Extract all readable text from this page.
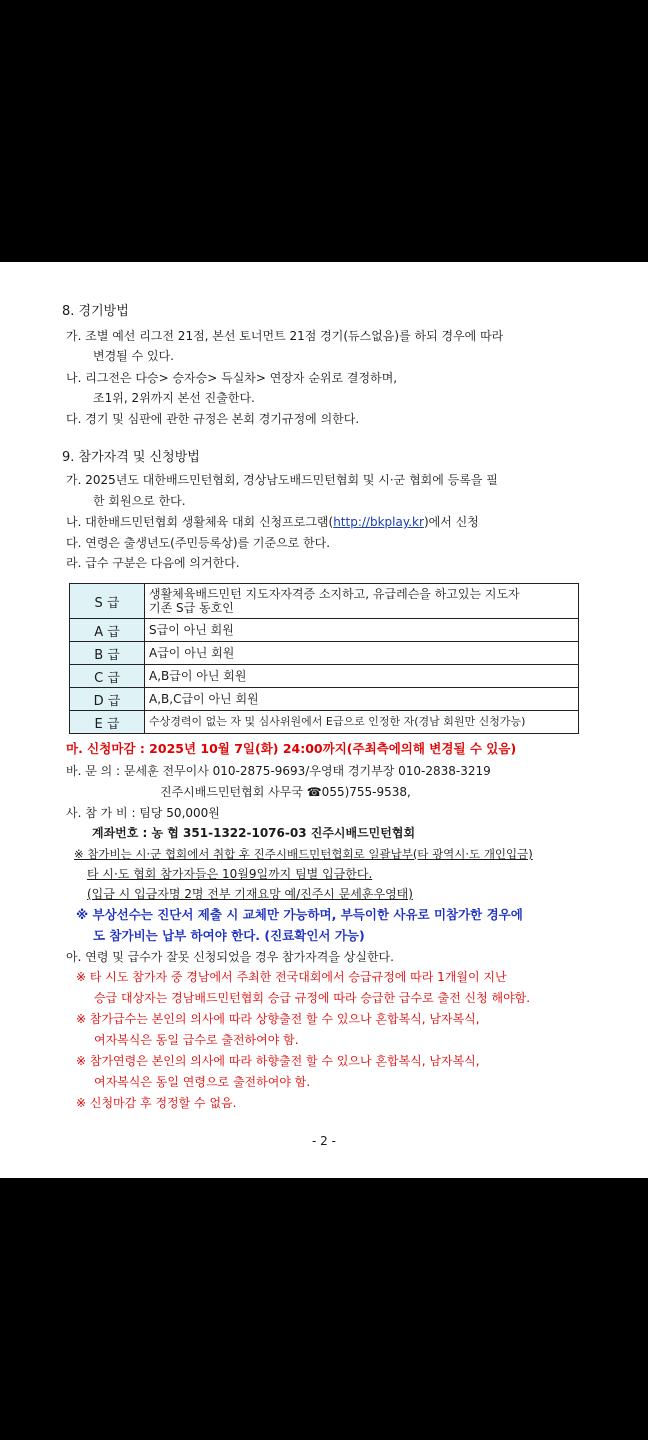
8. 경기방법
가. 조별 예선 리그전 21점, 본선 토너먼트 21점 경기(듀스없음)를 하되 경우에 따라
변경될 수 있다.
나. 리그전은 다승> 승자승> 득실차> 연장자 순위로 결정하며,
조1위, 2위까지 본선 진출한다.
다. 경기 및 심판에 관한 규정은 본회 경기규정에 의한다.
9. 참가자격 및 신청방법
가. 2025년도 대한배드민턴협회, 경상남도배드민턴협회 및 시·군 협회에 등록을 필
한 회원으로 한다.
나. 대한배드민턴협회 생활체육 대회 신청프로그램(http://bkplay.kr)에서 신청
다. 연령은 출생년도(주민등록상)를 기준으로 한다.
라. 급수 구분은 다음에 의거한다.
S 급	생활체육배드민턴 지도자자격증 소지하고, 유급레슨을 하고있는 지도자
기존 S급 동호인

A 급	S급이 아닌 회원
B 급	A급이 아닌 회원
C 급	A,B급이 아닌 회원
D 급	A,B,C급이 아닌 회원
E 급	수상경력이 없는 자 및 심사위원에서 E급으로 인정한 자(경남 회원만 신청가능)
마. 신청마감 : 2025년 10월 7일(화) 24:00까지(주최측에의해 변경될 수 있음)
바. 문 의 : 문세훈 전무이사 010-2875-9693/우영태 경기부장 010-2838-3219
진주시배드민턴협회 사무국 ☎055)755-9538,
사. 참 가 비 : 팀당 50,000원
계좌번호 : 농 협 351-1322-1076-03 진주시배드민턴협회
※ 참가비는 시·군 협회에서 취합 후 진주시배드민턴협회로 일괄납부(타 광역시·도 개인입금)
타 시·도 협회 참가자들은 10월9일까지 팀별 입금한다.
(입금 시 입금자명 2명 전부 기재요망 예/진주시 문세훈우영태)
※ 부상선수는 진단서 제출 시 교체만 가능하며, 부득이한 사유로 미참가한 경우에
도 참가비는 납부 하여야 한다. (진료확인서 가능)
아. 연령 및 급수가 잘못 신청되었을 경우 참가자격을 상실한다.
※ 타 시도 참가자 중 경남에서 주최한 전국대회에서 승급규정에 따라 1개월이 지난
승급 대상자는 경남배드민턴협회 승급 규정에 따라 승급한 급수로 출전 신청 해야함.
※ 참가급수는 본인의 의사에 따라 상향출전 할 수 있으나 혼합복식, 남자복식,
여자복식은 동일 급수로 출전하여야 함.
※ 참가연령은 본인의 의사에 따라 하향출전 할 수 있으나 혼합복식, 남자복식,
여자복식은 동일 연령으로 출전하여야 함.
※ 신청마감 후 정정할 수 없음.
- 2 -
